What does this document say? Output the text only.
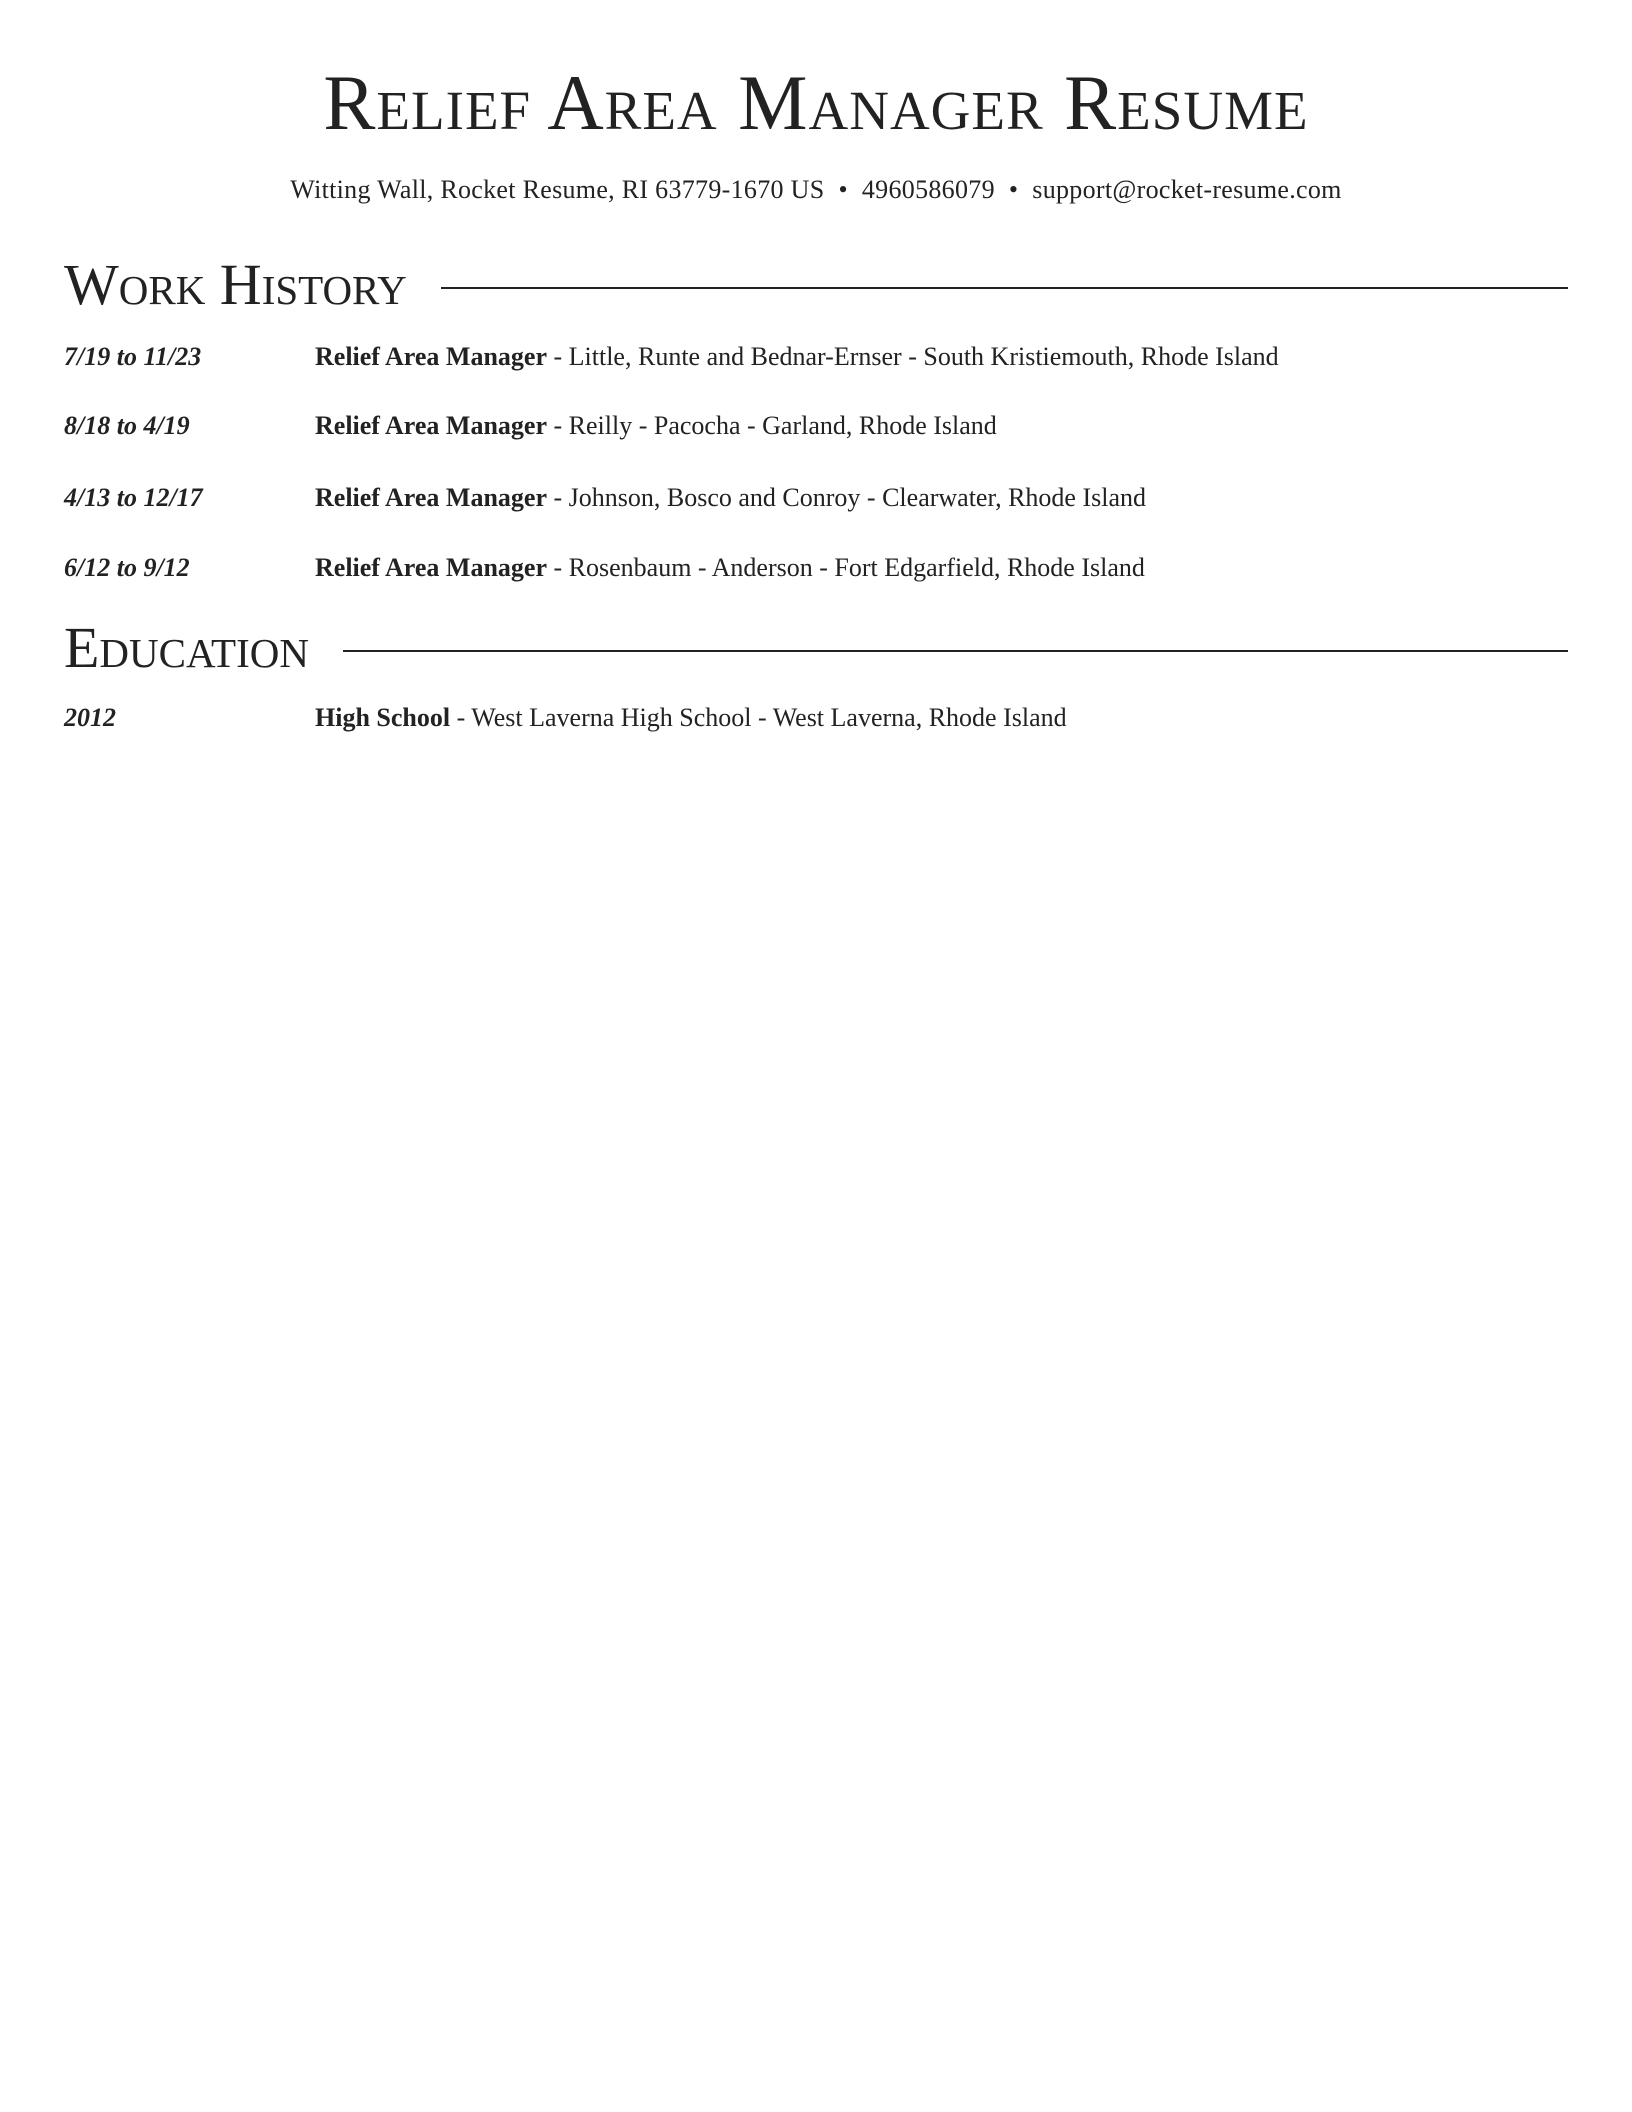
Relief Area Manager Resume
Witting Wall, Rocket Resume, RI 63779-1670 US • 4960586079 • support@rocket-resume.com
Work History
7/19 to 11/23	Relief Area Manager - Little, Runte and Bednar-Ernser - South Kristiemouth, Rhode Island
8/18 to 4/19	Relief Area Manager - Reilly - Pacocha - Garland, Rhode Island
4/13 to 12/17	Relief Area Manager - Johnson, Bosco and Conroy - Clearwater, Rhode Island
6/12 to 9/12	Relief Area Manager - Rosenbaum - Anderson - Fort Edgarfield, Rhode Island
Education
2012	High School - West Laverna High School - West Laverna, Rhode Island
